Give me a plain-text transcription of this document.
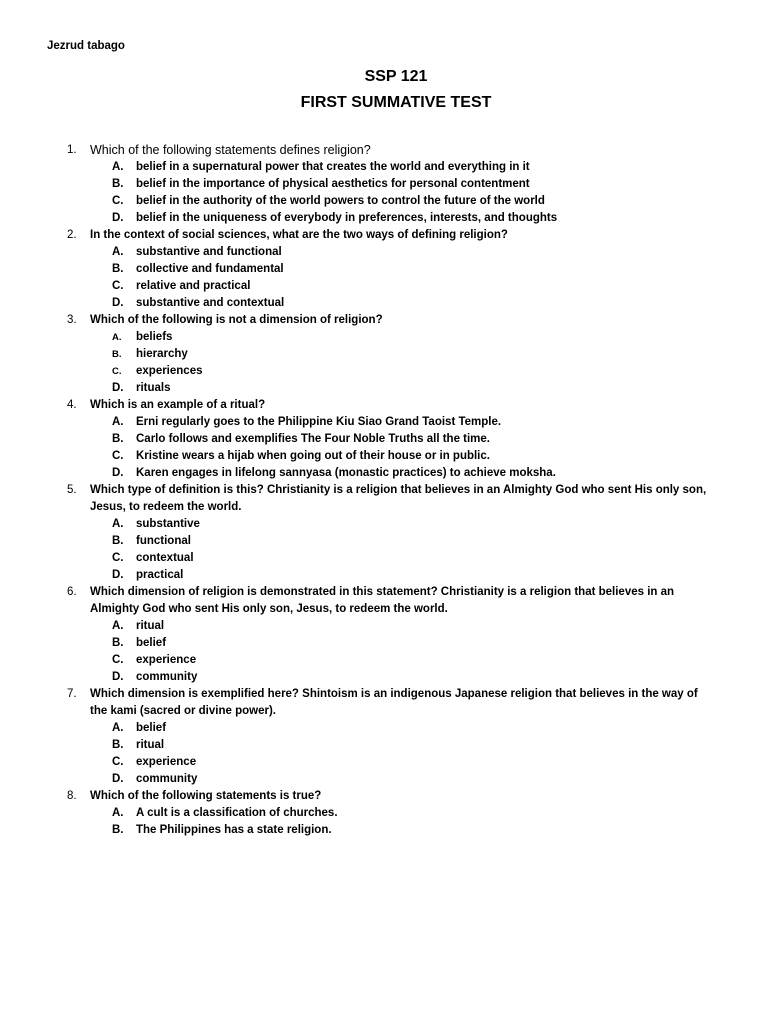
Jezrud tabago
SSP 121
FIRST SUMMATIVE TEST
1. Which of the following statements defines religion?
A. belief in a supernatural power that creates the world and everything in it
B. belief in the importance of physical aesthetics for personal contentment
C. belief in the authority of the world powers to control the future of the world
D. belief in the uniqueness of everybody in preferences, interests, and thoughts
2. In the context of social sciences, what are the two ways of defining religion?
A. substantive and functional
B. collective and fundamental
C. relative and practical
D. substantive and contextual
3. Which of the following is not a dimension of religion?
A. beliefs
B. hierarchy
C. experiences
D. rituals
4. Which is an example of a ritual?
A. Erni regularly goes to the Philippine Kiu Siao Grand Taoist Temple.
B. Carlo follows and exemplifies The Four Noble Truths all the time.
C. Kristine wears a hijab when going out of their house or in public.
D. Karen engages in lifelong sannyasa (monastic practices) to achieve moksha.
5. Which type of definition is this? Christianity is a religion that believes in an Almighty God who sent His only son,
Jesus, to redeem the world.
A. substantive
B. functional
C. contextual
D. practical
6. Which dimension of religion is demonstrated in this statement? Christianity is a religion that believes in an
Almighty God who sent His only son, Jesus, to redeem the world.
A. ritual
B. belief
C. experience
D. community
7. Which dimension is exemplified here? Shintoism is an indigenous Japanese religion that believes in the way of
the kami (sacred or divine power).
A. belief
B. ritual
C. experience
D. community
8. Which of the following statements is true?
A. A cult is a classification of churches.
B. The Philippines has a state religion.
